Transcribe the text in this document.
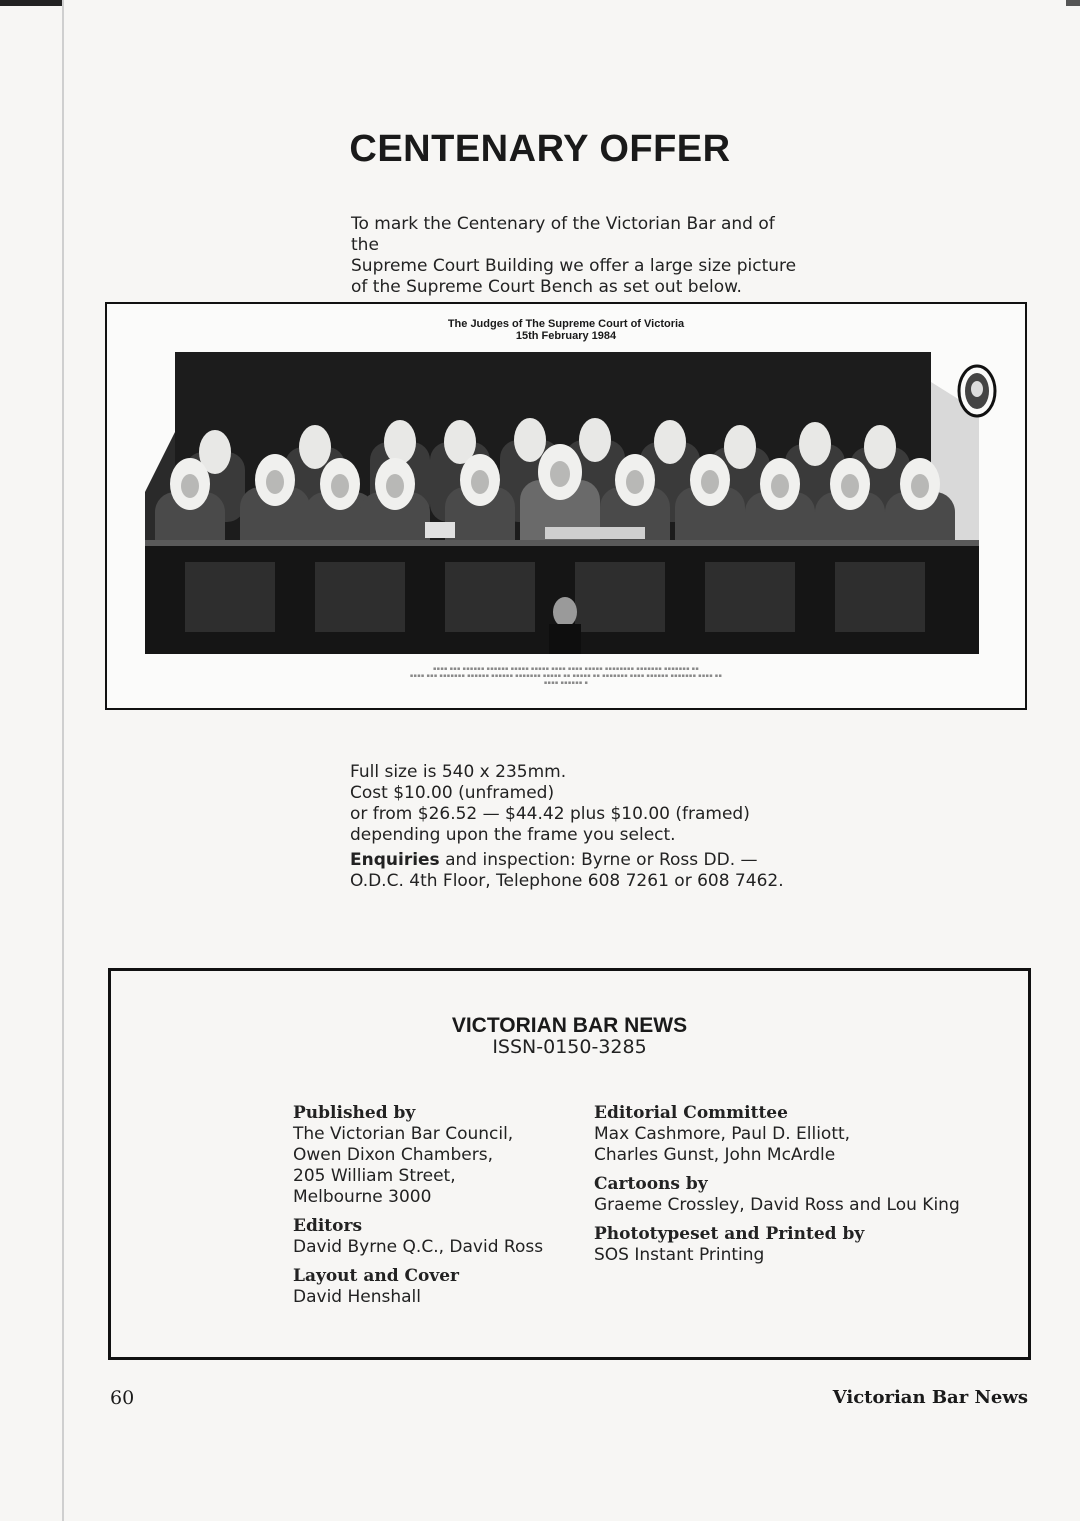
CENTENARY OFFER

To mark the Centenary of the Victorian Bar and of the

Supreme Court Building we offer a large size picture

of the Supreme Court Bench as set out below.

The Judges of The Supreme Court of Victoria
15th February 1984

▪▪▪▪ ▪▪▪ ▪▪▪▪▪▪ ▪▪▪▪▪▪ ▪▪▪▪▪ ▪▪▪▪▪ ▪▪▪▪ ▪▪▪▪ ▪▪▪▪▪ ▪▪▪▪▪▪▪▪ ▪▪▪▪▪▪▪ ▪▪▪▪▪▪▪ ▪▪

▪▪▪▪ ▪▪▪ ▪▪▪▪▪▪▪ ▪▪▪▪▪▪ ▪▪▪▪▪▪ ▪▪▪▪▪▪▪ ▪▪▪▪▪ ▪▪ ▪▪▪▪▪ ▪▪ ▪▪▪▪▪▪▪ ▪▪▪▪ ▪▪▪▪▪▪ ▪▪▪▪▪▪▪ ▪▪▪▪ ▪▪

▪▪▪▪ ▪▪▪▪▪▪ ▪

Full size is 540 x 235mm.

Cost $10.00 (unframed)

or from $26.52 — $44.42 plus $10.00 (framed)

depending upon the frame you select.

Enquiries and inspection: Byrne or Ross DD. —

O.D.C. 4th Floor, Telephone 608 7261 or 608 7462.

VICTORIAN BAR NEWS
ISSN-0150-3285
Published by
The Victorian Bar Council,
Owen Dixon Chambers,
205 William Street,
Melbourne 3000
Editors
David Byrne Q.C., David Ross
Layout and Cover
David Henshall
Editorial Committee
Max Cashmore, Paul D. Elliott,
Charles Gunst, John McArdle
Cartoons by
Graeme Crossley, David Ross and Lou King
Phototypeset and Printed by
SOS Instant Printing
60	Victorian Bar News
